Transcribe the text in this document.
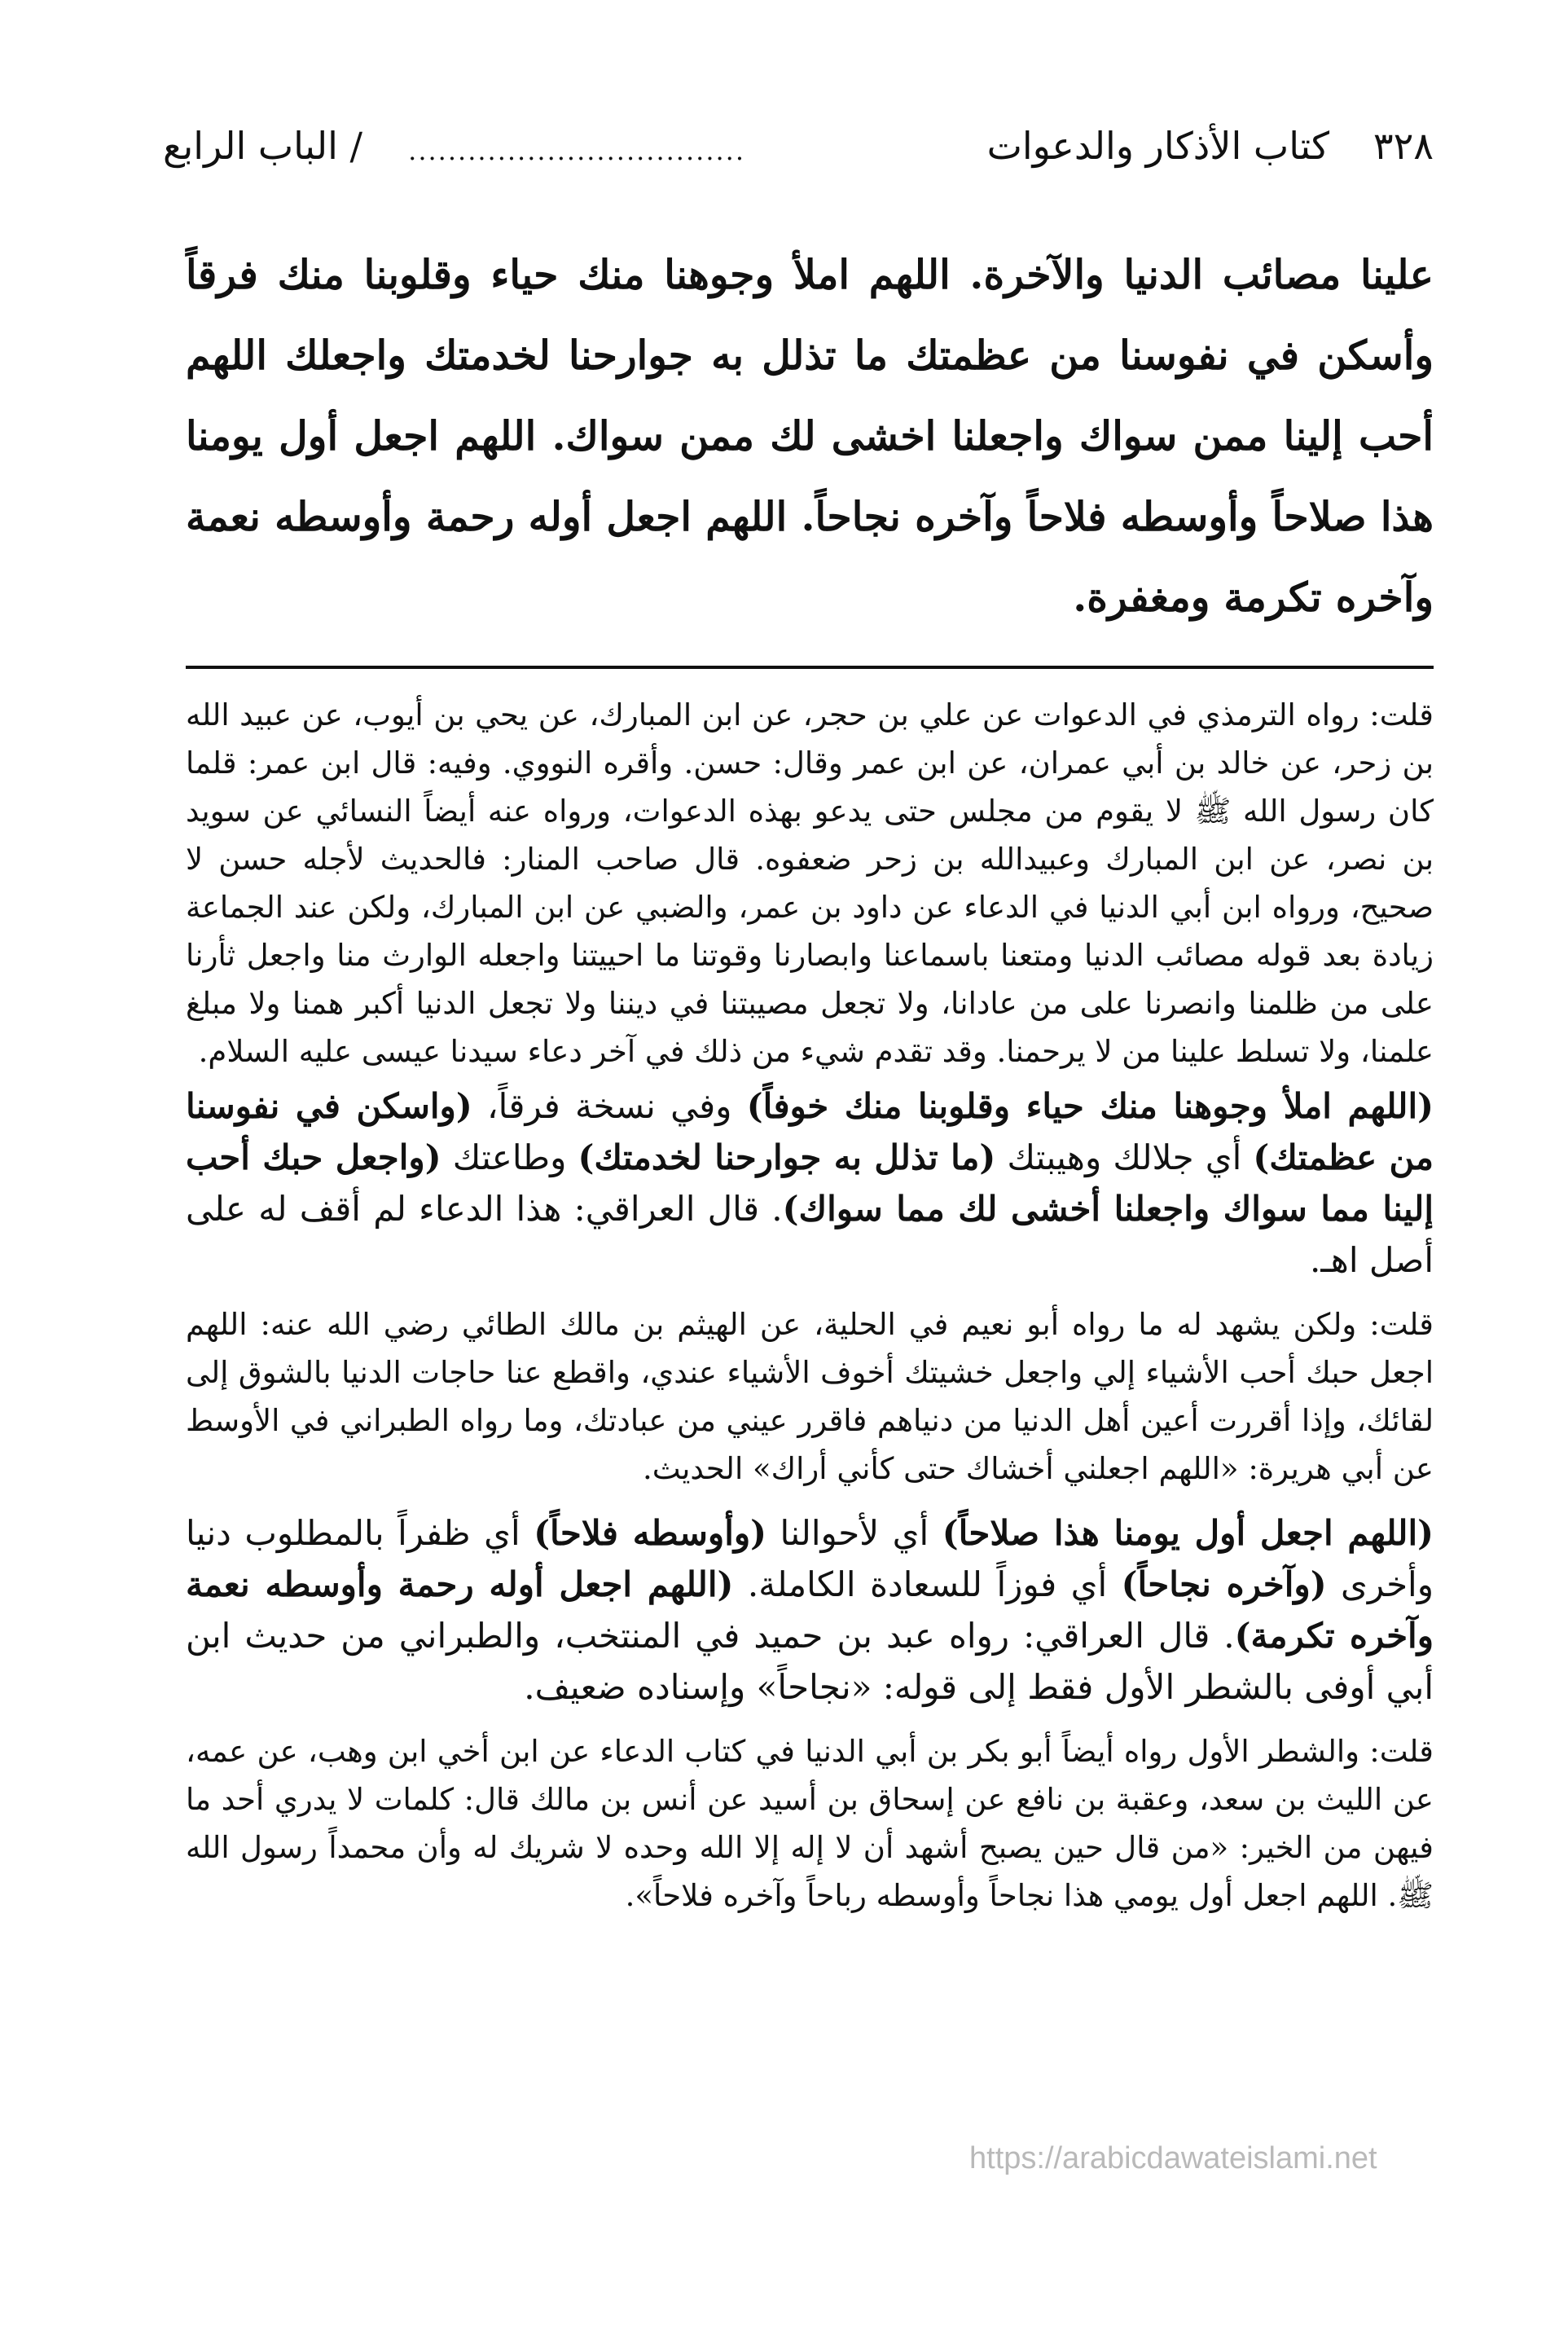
٣٢٨
كتاب الأذكار والدعوات
..................................
/ الباب الرابع

علينا مصائب الدنيا والآخرة. اللهم املأ وجوهنا منك حياء وقلوبنا منك فرقاً وأسكن في نفوسنا من عظمتك ما تذلل به جوارحنا لخدمتك واجعلك اللهم أحب إلينا ممن سواك واجعلنا اخشى لك ممن سواك. اللهم اجعل أول يومنا هذا صلاحاً وأوسطه فلاحاً وآخره نجاحاً. اللهم اجعل أوله رحمة وأوسطه نعمة وآخره تكرمة ومغفرة.

قلت: رواه الترمذي في الدعوات عن علي بن حجر، عن ابن المبارك، عن يحي بن أيوب، عن عبيد الله بن زحر، عن خالد بن أبي عمران، عن ابن عمر وقال: حسن. وأقره النووي. وفيه: قال ابن عمر: قلما كان رسول الله ﷺ لا يقوم من مجلس حتى يدعو بهذه الدعوات، ورواه عنه أيضاً النسائي عن سويد بن نصر، عن ابن المبارك وعبيدالله بن زحر ضعفوه. قال صاحب المنار: فالحديث لأجله حسن لا صحيح، ورواه ابن أبي الدنيا في الدعاء عن داود بن عمر، والضبي عن ابن المبارك، ولكن عند الجماعة زيادة بعد قوله مصائب الدنيا ومتعنا باسماعنا وابصارنا وقوتنا ما احييتنا واجعله الوارث منا واجعل ثأرنا على من ظلمنا وانصرنا على من عادانا، ولا تجعل مصيبتنا في ديننا ولا تجعل الدنيا أكبر همنا ولا مبلغ علمنا، ولا تسلط علينا من لا يرحمنا. وقد تقدم شيء من ذلك في آخر دعاء سيدنا عيسى عليه السلام.

(اللهم املأ وجوهنا منك حياء وقلوبنا منك خوفاً) وفي نسخة فرقاً، (واسكن في نفوسنا من عظمتك) أي جلالك وهيبتك (ما تذلل به جوارحنا لخدمتك) وطاعتك (واجعل حبك أحب إلينا مما سواك واجعلنا أخشى لك مما سواك). قال العراقي: هذا الدعاء لم أقف له على أصل اهـ.

قلت: ولكن يشهد له ما رواه أبو نعيم في الحلية، عن الهيثم بن مالك الطائي رضي الله عنه: اللهم اجعل حبك أحب الأشياء إلي واجعل خشيتك أخوف الأشياء عندي، واقطع عنا حاجات الدنيا بالشوق إلى لقائك، وإذا أقررت أعين أهل الدنيا من دنياهم فاقرر عيني من عبادتك، وما رواه الطبراني في الأوسط عن أبي هريرة: «اللهم اجعلني أخشاك حتى كأني أراك» الحديث.

(اللهم اجعل أول يومنا هذا صلاحاً) أي لأحوالنا (وأوسطه فلاحاً) أي ظفراً بالمطلوب دنيا وأخرى (وآخره نجاحاً) أي فوزاً للسعادة الكاملة. (اللهم اجعل أوله رحمة وأوسطه نعمة وآخره تكرمة). قال العراقي: رواه عبد بن حميد في المنتخب، والطبراني من حديث ابن أبي أوفى بالشطر الأول فقط إلى قوله: «نجاحاً» وإسناده ضعيف.

قلت: والشطر الأول رواه أيضاً أبو بكر بن أبي الدنيا في كتاب الدعاء عن ابن أخي ابن وهب، عن عمه، عن الليث بن سعد، وعقبة بن نافع عن إسحاق بن أسيد عن أنس بن مالك قال: كلمات لا يدري أحد ما فيهن من الخير: «من قال حين يصبح أشهد أن لا إله إلا الله وحده لا شريك له وأن محمداً رسول الله ﷺ. اللهم اجعل أول يومي هذا نجاحاً وأوسطه رباحاً وآخره فلاحاً».

https://arabicdawateislami.net
